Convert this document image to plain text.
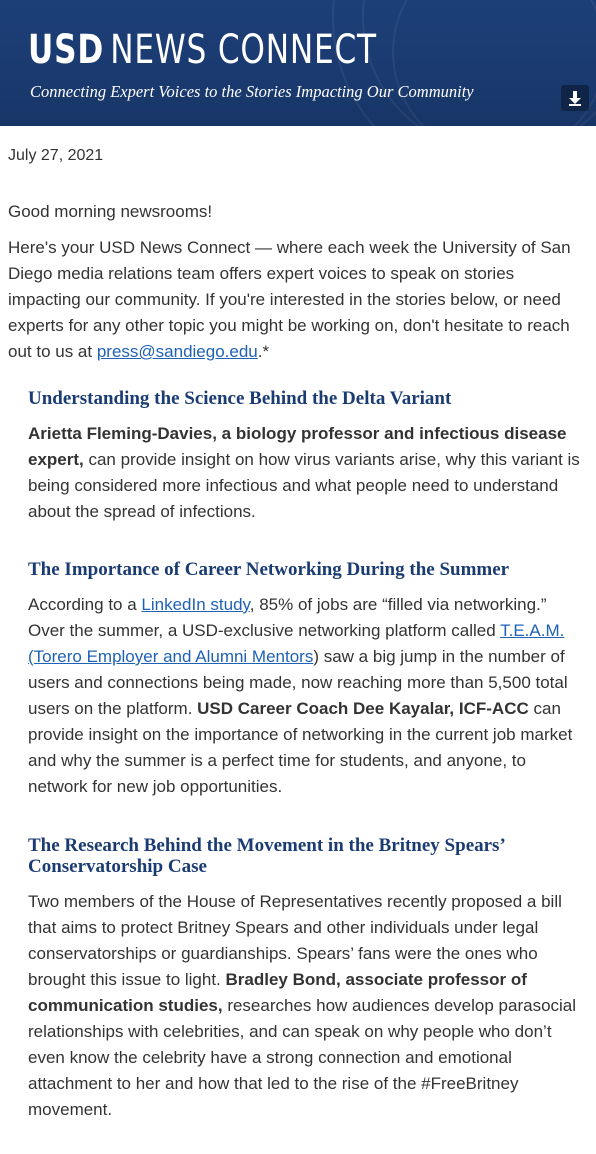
USD NEWS CONNECT
Connecting Expert Voices to the Stories Impacting Our Community

July 27, 2021

Good morning newsrooms!

Here's your USD News Connect — where each week the University of San Diego media relations team offers expert voices to speak on stories impacting our community. If you're interested in the stories below, or need experts for any other topic you might be working on, don't hesitate to reach out to us at press@sandiego.edu.*

Understanding the Science Behind the Delta Variant

Arietta Fleming-Davies, a biology professor and infectious disease expert, can provide insight on how virus variants arise, why this variant is being considered more infectious and what people need to understand about the spread of infections.

The Importance of Career Networking During the Summer

According to a LinkedIn study, 85% of jobs are “filled via networking.” Over the summer, a USD-exclusive networking platform called T.E.A.M. (Torero Employer and Alumni Mentors) saw a big jump in the number of users and connections being made, now reaching more than 5,500 total users on the platform. USD Career Coach Dee Kayalar, ICF-ACC can provide insight on the importance of networking in the current job market and why the summer is a perfect time for students, and anyone, to network for new job opportunities.

The Research Behind the Movement in the Britney Spears’ Conservatorship Case

Two members of the House of Representatives recently proposed a bill that aims to protect Britney Spears and other individuals under legal conservatorships or guardianships. Spears’ fans were the ones who brought this issue to light. Bradley Bond, associate professor of communication studies, researches how audiences develop parasocial relationships with celebrities, and can speak on why people who don’t even know the celebrity have a strong connection and emotional attachment to her and how that led to the rise of the #FreeBritney movement.
